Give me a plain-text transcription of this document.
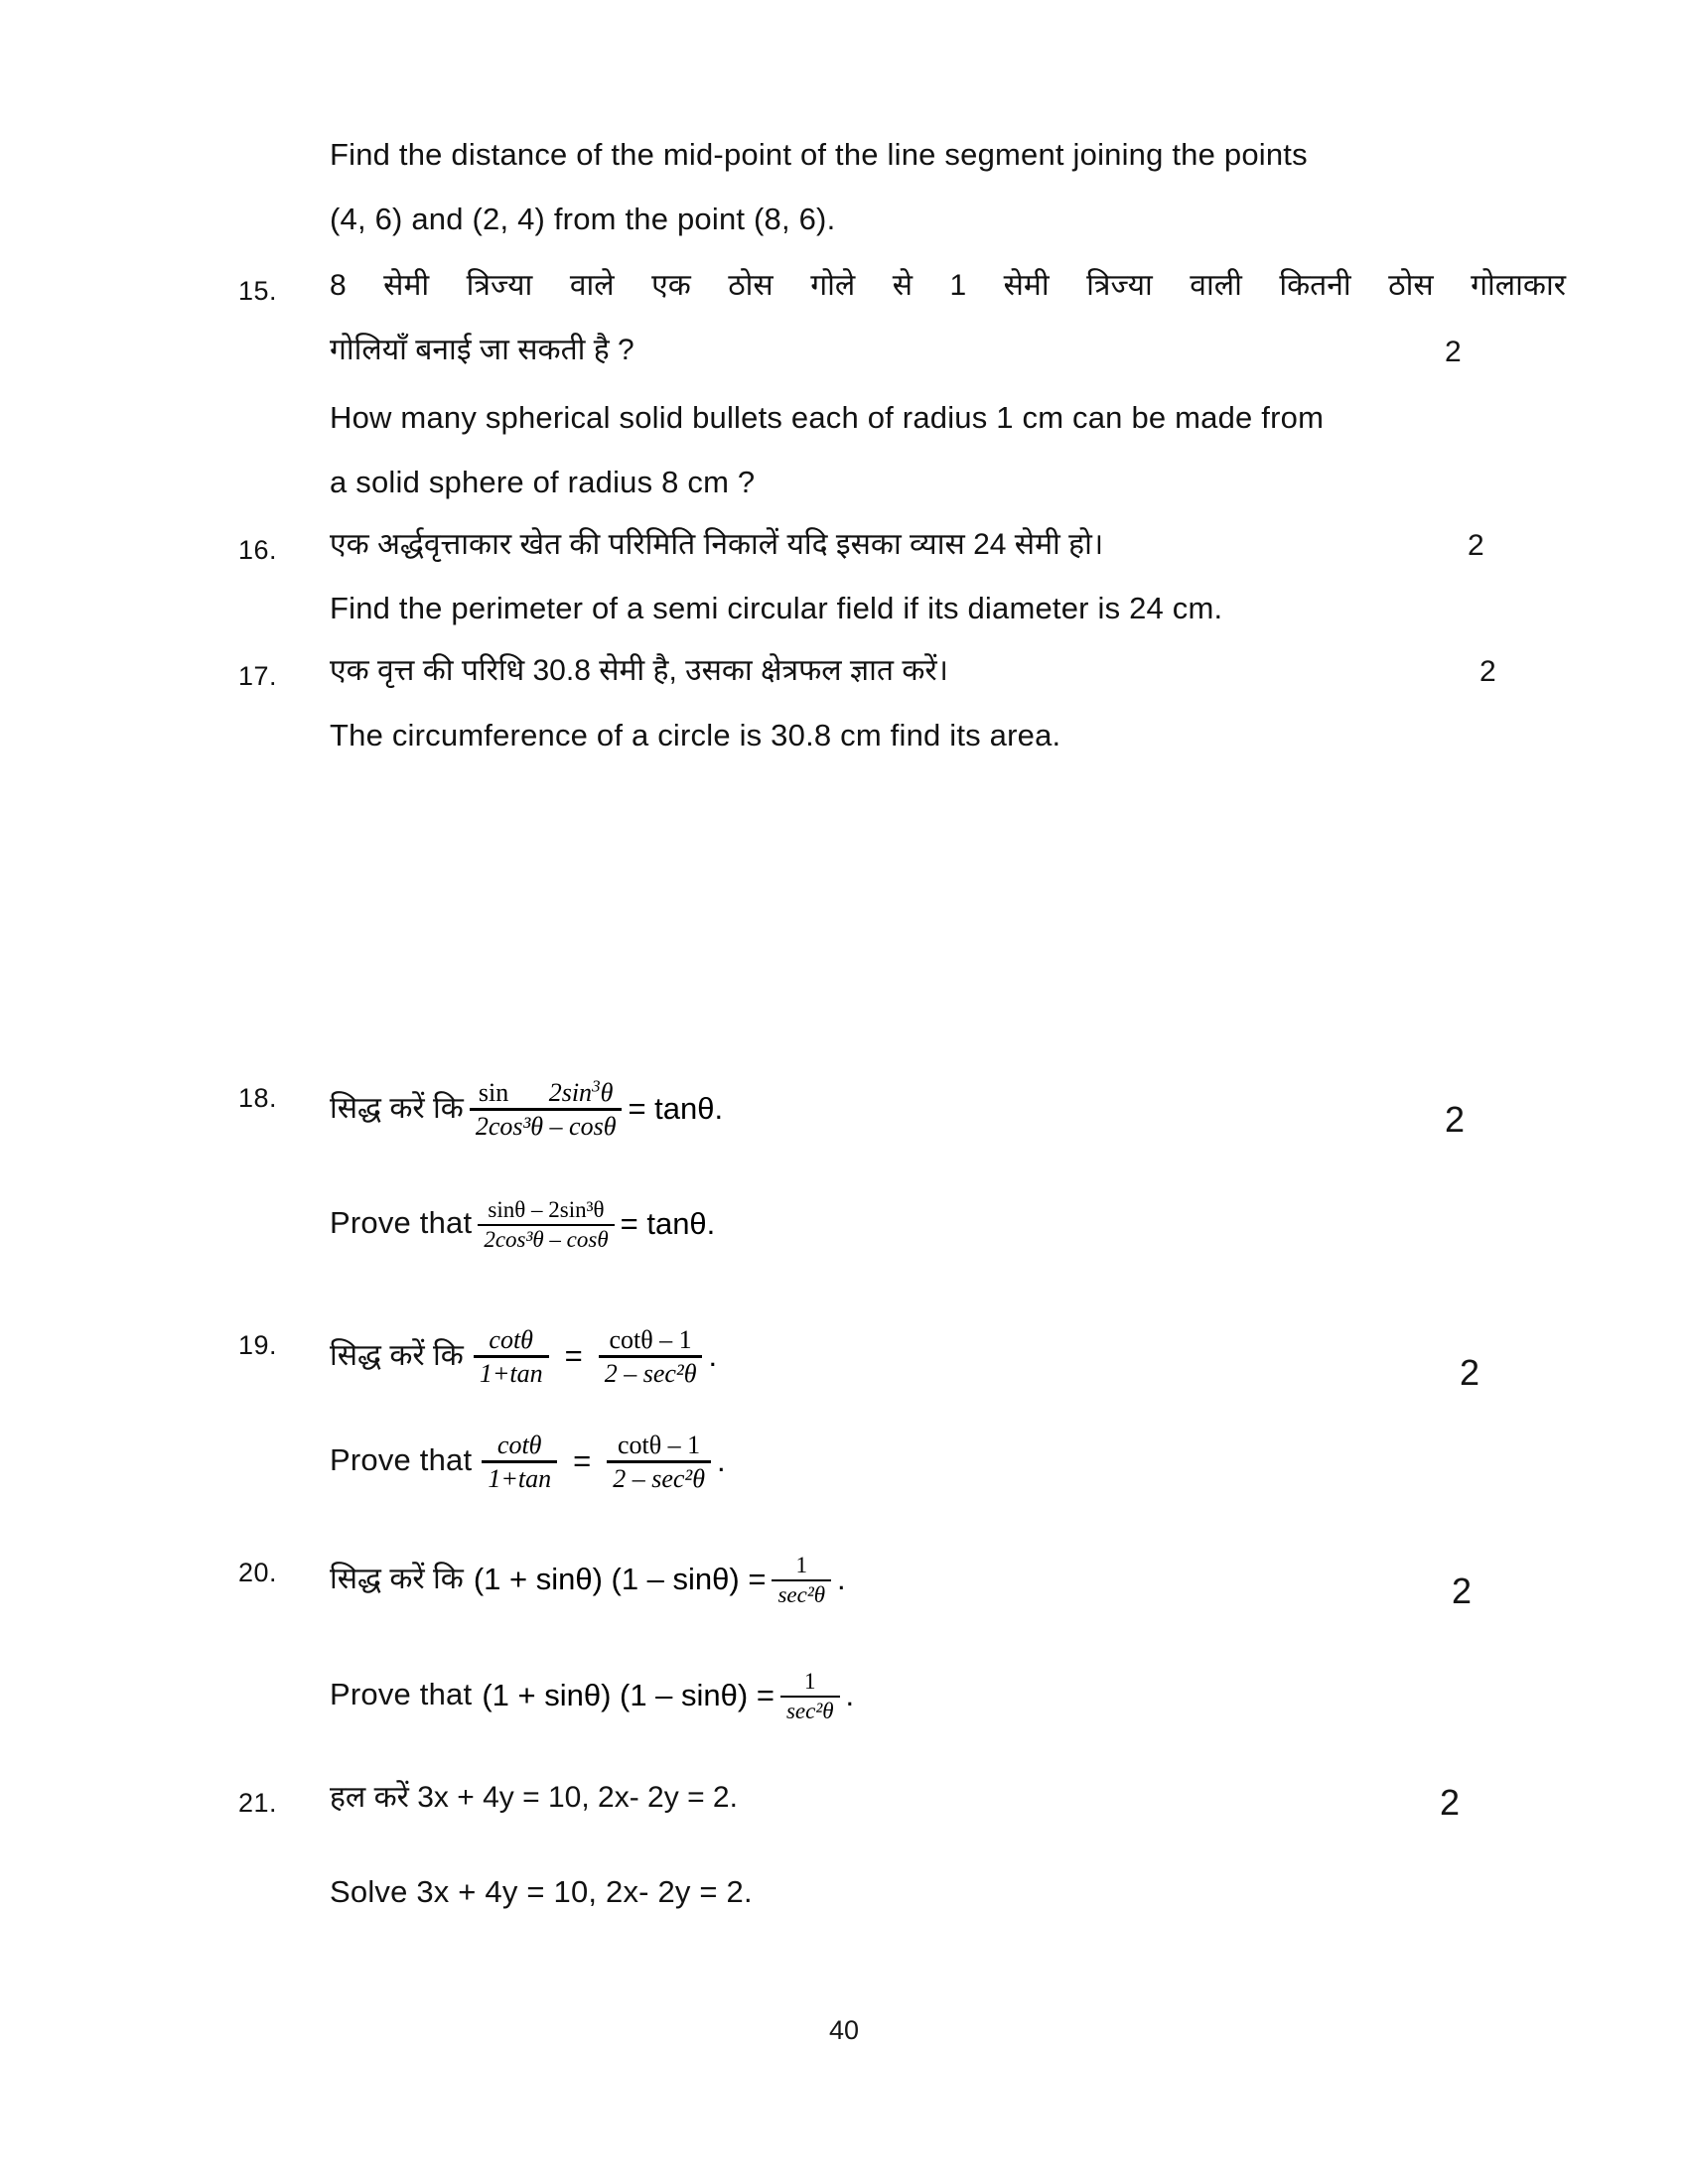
Find the distance of the mid-point of the line segment joining the points
(4, 6) and (2, 4) from the point (8, 6).
15.	8 सेमी त्रिज्या वाले एक ठोस गोले से 1 सेमी त्रिज्या वाली कितनी ठोस गोलाकार
गोलियाँ बनाई जा सकती है ?	2
How many spherical solid bullets each of radius 1 cm can be made from
a solid sphere of radius 8 cm ?
16.	एक अर्द्धवृत्ताकार खेत की परिमिति निकालें यदि इसका व्यास 24 सेमी हो।	2
Find the perimeter of a semi circular field if its diameter is 24 cm.
17.	एक वृत्त की परिधि 30.8 सेमी है, उसका क्षेत्रफल ज्ञात करें।	2
The circumference of a circle is 30.8 cm find its area.
18.	सिद्ध करें कि $\frac{\sin 2\sin^3\theta}{\text{2cos³θ – cosθ}} = \tan\theta$.	2
Prove that $\frac{\text{sinθ – 2sin³θ}}{\text{2cos³θ – cosθ}} = \tan\theta$.
19.	सिद्ध करें कि $\frac{\cot\theta}{1+\tan} = \frac{\cot\theta - 1}{\text{2 – sec²θ}}$ .	2
Prove that $\frac{\cot\theta}{1+\tan} = \frac{\cot\theta - 1}{\text{2 – sec²θ}}$ .
20.	सिद्ध करें कि (1 + sinθ) $(1 - \sin\theta) = \frac{1}{\text{sec²θ}}$ .	2
Prove that (1 + sinθ) $(1 - \sin\theta) = \frac{1}{\text{sec²θ}}$ .
21.	हल करें 3x + 4y = 10, 2x- 2y = 2.	2
Solve 3x + 4y = 10, 2x- 2y = 2.
40
